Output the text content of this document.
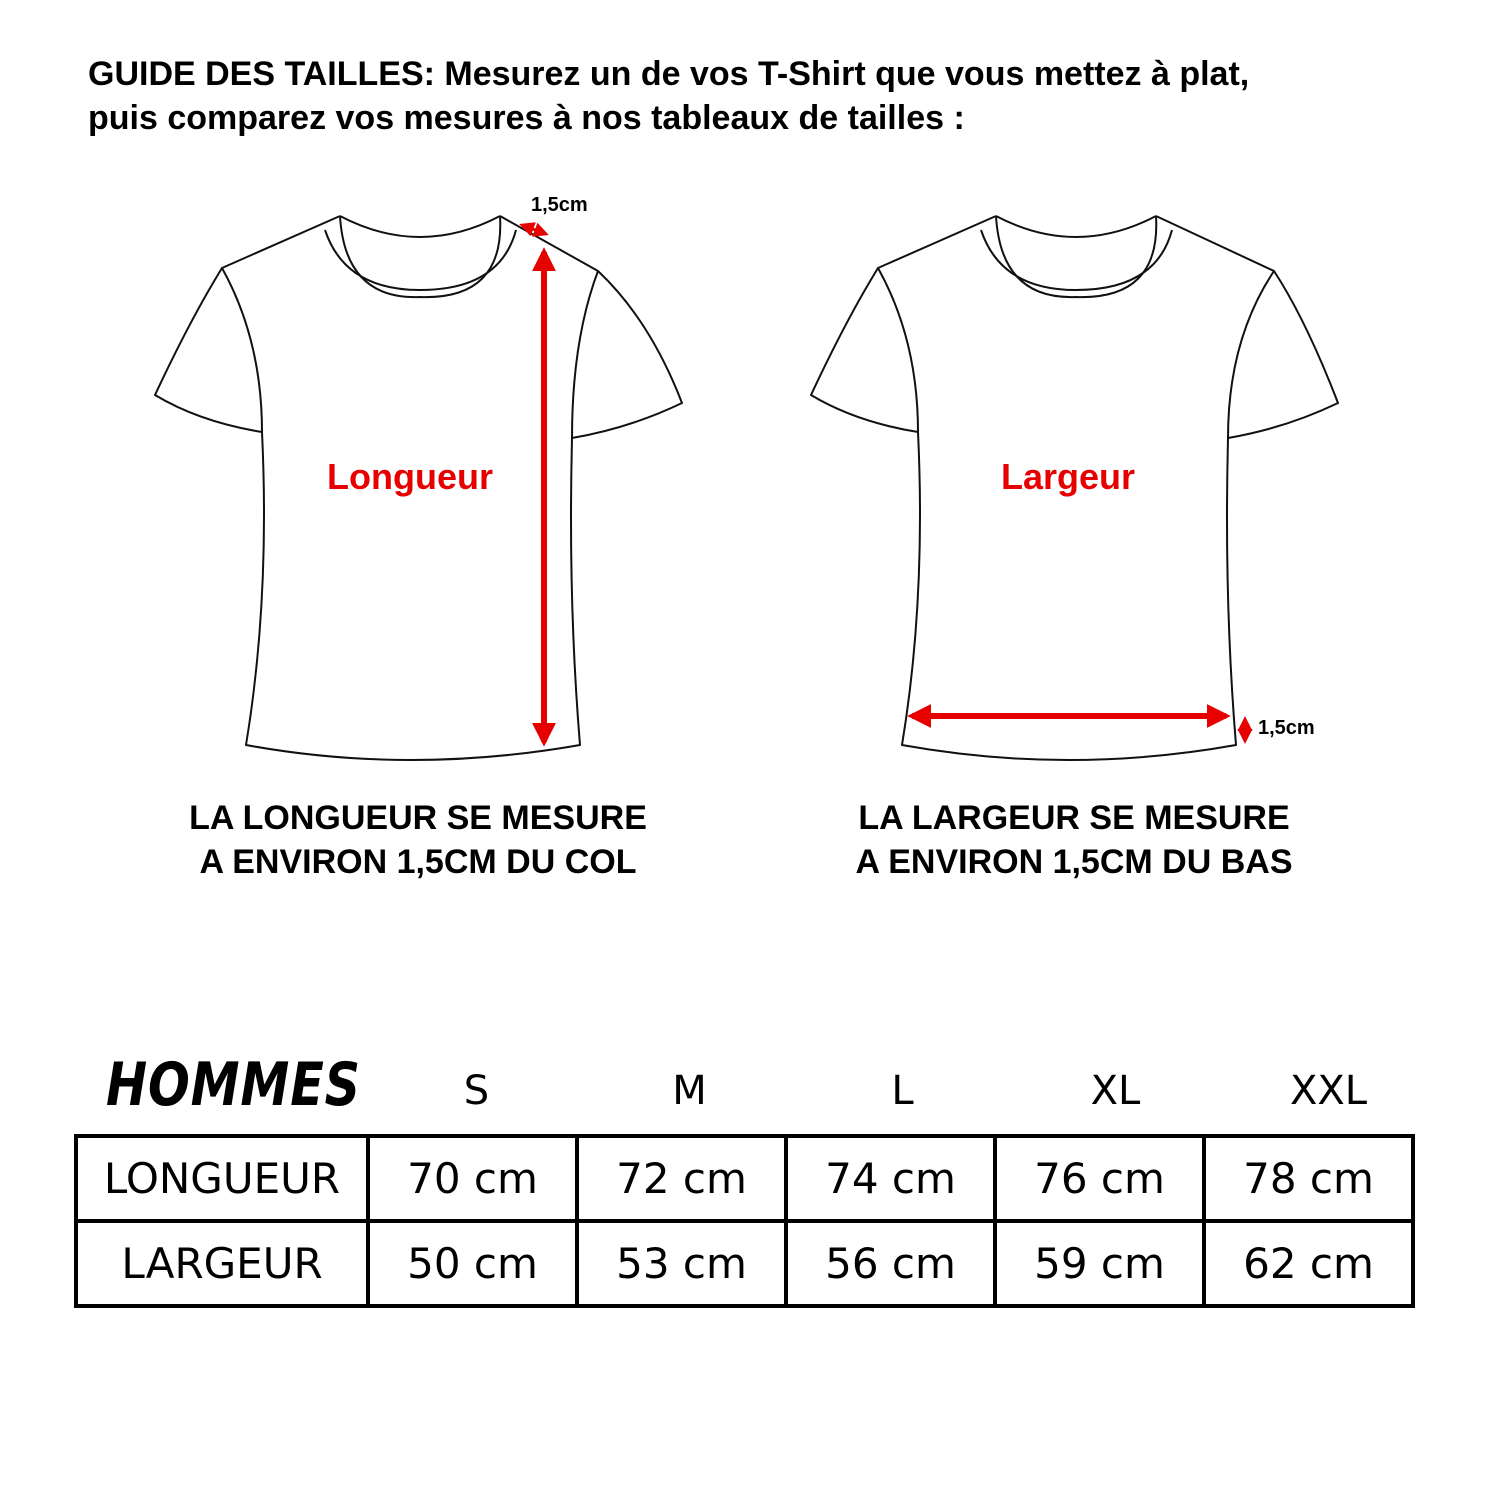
GUIDE DES TAILLES: Mesurez un de vos T-Shirt que vous mettez à plat,
puis comparez vos mesures à nos tableaux de tailles :

Longueur	Largeur
1,5cm
1,5cm
LA LONGUEUR SE MESURE
A ENVIRON 1,5CM DU COL
LA LARGEUR SE MESURE
A ENVIRON 1,5CM DU BAS
HOMMES	S	M	L	XL	XXL
LONGUEUR	70 cm	72 cm	74 cm	76 cm	78 cm
LARGEUR	50 cm	53 cm	56 cm	59 cm	62 cm
